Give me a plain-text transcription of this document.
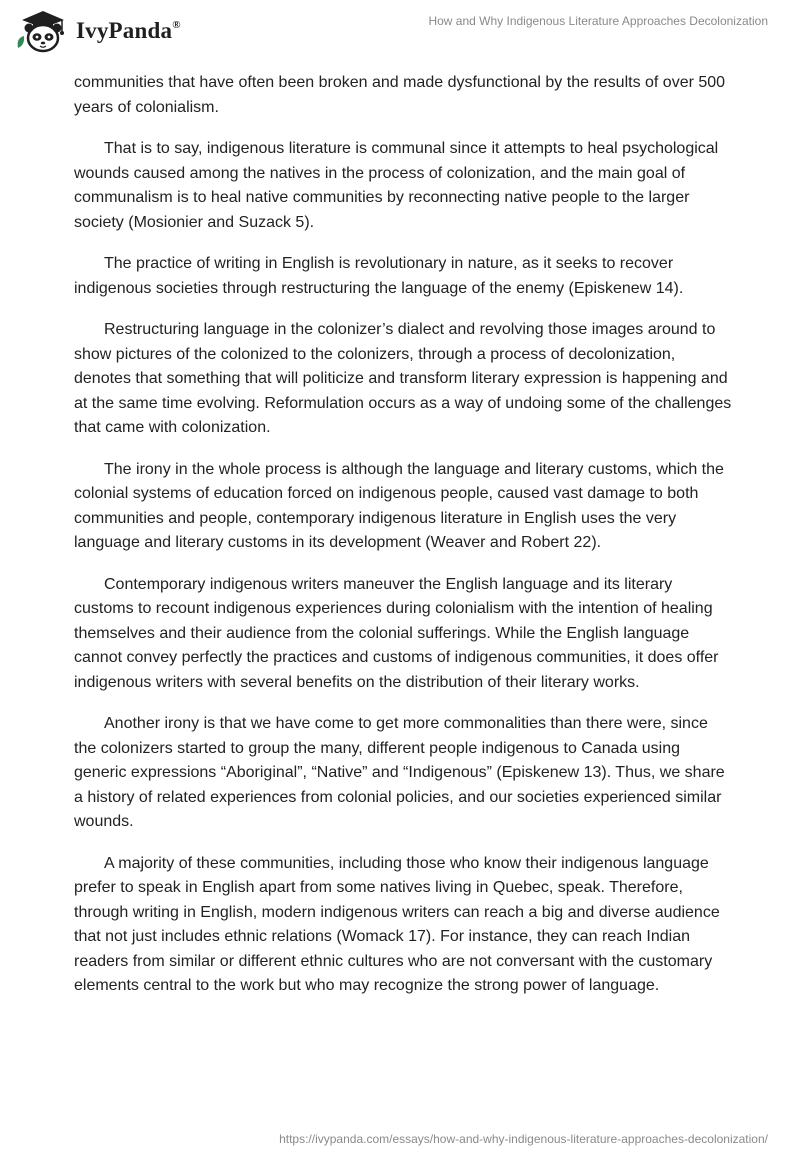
IvyPanda®	How and Why Indigenous Literature Approaches Decolonization

communities that have often been broken and made dysfunctional by the results of over 500 years of colonialism.

That is to say, indigenous literature is communal since it attempts to heal psychological wounds caused among the natives in the process of colonization, and the main goal of communalism is to heal native communities by reconnecting native people to the larger society (Mosionier and Suzack 5).

The practice of writing in English is revolutionary in nature, as it seeks to recover indigenous societies through restructuring the language of the enemy (Episkenew 14).

Restructuring language in the colonizer’s dialect and revolving those images around to show pictures of the colonized to the colonizers, through a process of decolonization, denotes that something that will politicize and transform literary expression is happening and at the same time evolving. Reformulation occurs as a way of undoing some of the challenges that came with colonization.

The irony in the whole process is although the language and literary customs, which the colonial systems of education forced on indigenous people, caused vast damage to both communities and people, contemporary indigenous literature in English uses the very language and literary customs in its development (Weaver and Robert 22).

Contemporary indigenous writers maneuver the English language and its literary customs to recount indigenous experiences during colonialism with the intention of healing themselves and their audience from the colonial sufferings. While the English language cannot convey perfectly the practices and customs of indigenous communities, it does offer indigenous writers with several benefits on the distribution of their literary works.

Another irony is that we have come to get more commonalities than there were, since the colonizers started to group the many, different people indigenous to Canada using generic expressions “Aboriginal”, “Native” and “Indigenous” (Episkenew 13). Thus, we share a history of related experiences from colonial policies, and our societies experienced similar wounds.

A majority of these communities, including those who know their indigenous language prefer to speak in English apart from some natives living in Quebec, speak. Therefore, through writing in English, modern indigenous writers can reach a big and diverse audience that not just includes ethnic relations (Womack 17). For instance, they can reach Indian readers from similar or different ethnic cultures who are not conversant with the customary elements central to the work but who may recognize the strong power of language.

https://ivypanda.com/essays/how-and-why-indigenous-literature-approaches-decolonization/
